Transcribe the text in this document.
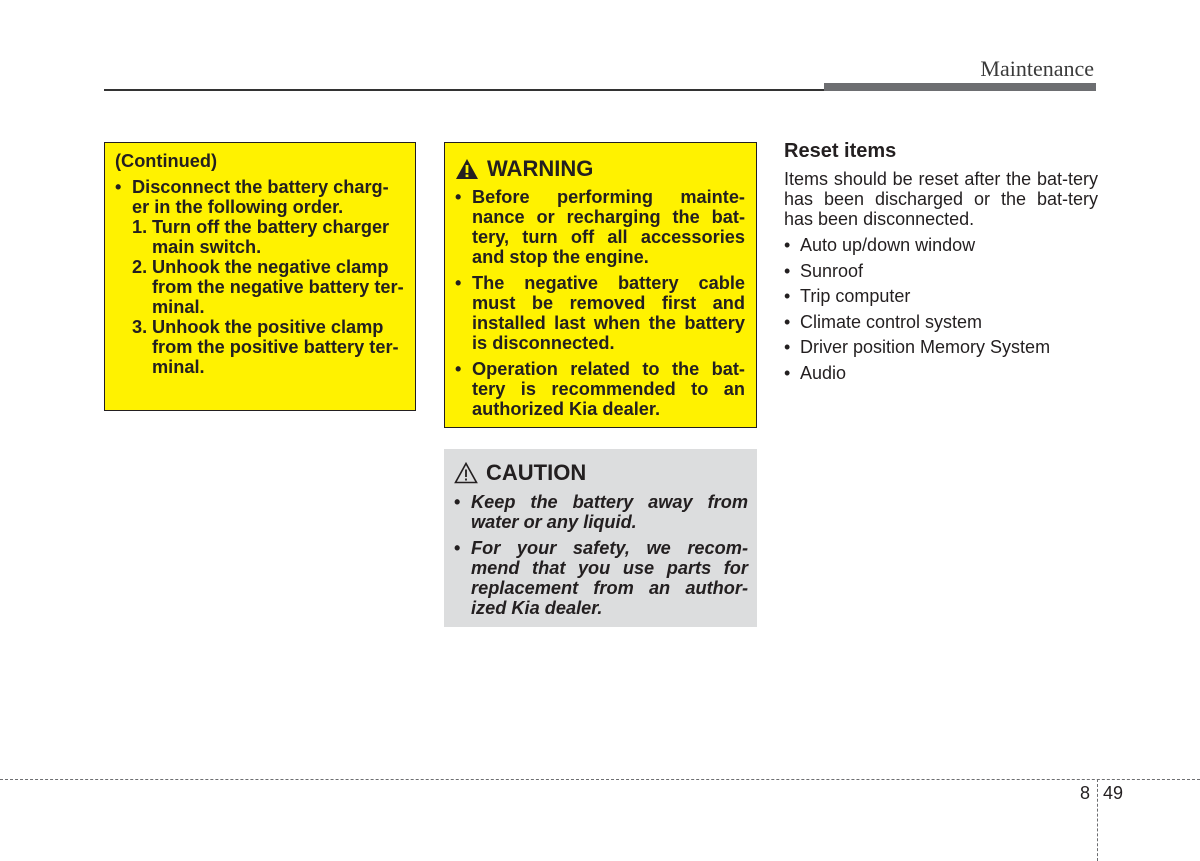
Maintenance

(Continued)

• Disconnect the battery charg-er in the following order.

1. Turn off the battery charger main switch.

2. Unhook the negative clamp from the negative battery ter-minal.

3. Unhook the positive clamp from the positive battery ter-minal.

WARNING

• Before performing mainte-nance or recharging the bat-tery, turn off all accessories and stop the engine.

• The negative battery cable must be removed first and installed last when the battery is disconnected.

• Operation related to the bat-tery is recommended to an authorized Kia dealer.

CAUTION

• Keep the battery away from water or any liquid.

• For your safety, we recom-mend that you use parts for replacement from an author-ized Kia dealer.

Reset items
Items should be reset after the bat-tery has been discharged or the bat-tery has been disconnected.
• Auto up/down window
• Sunroof
• Trip computer
• Climate control system
• Driver position Memory System
• Audio
8 49
